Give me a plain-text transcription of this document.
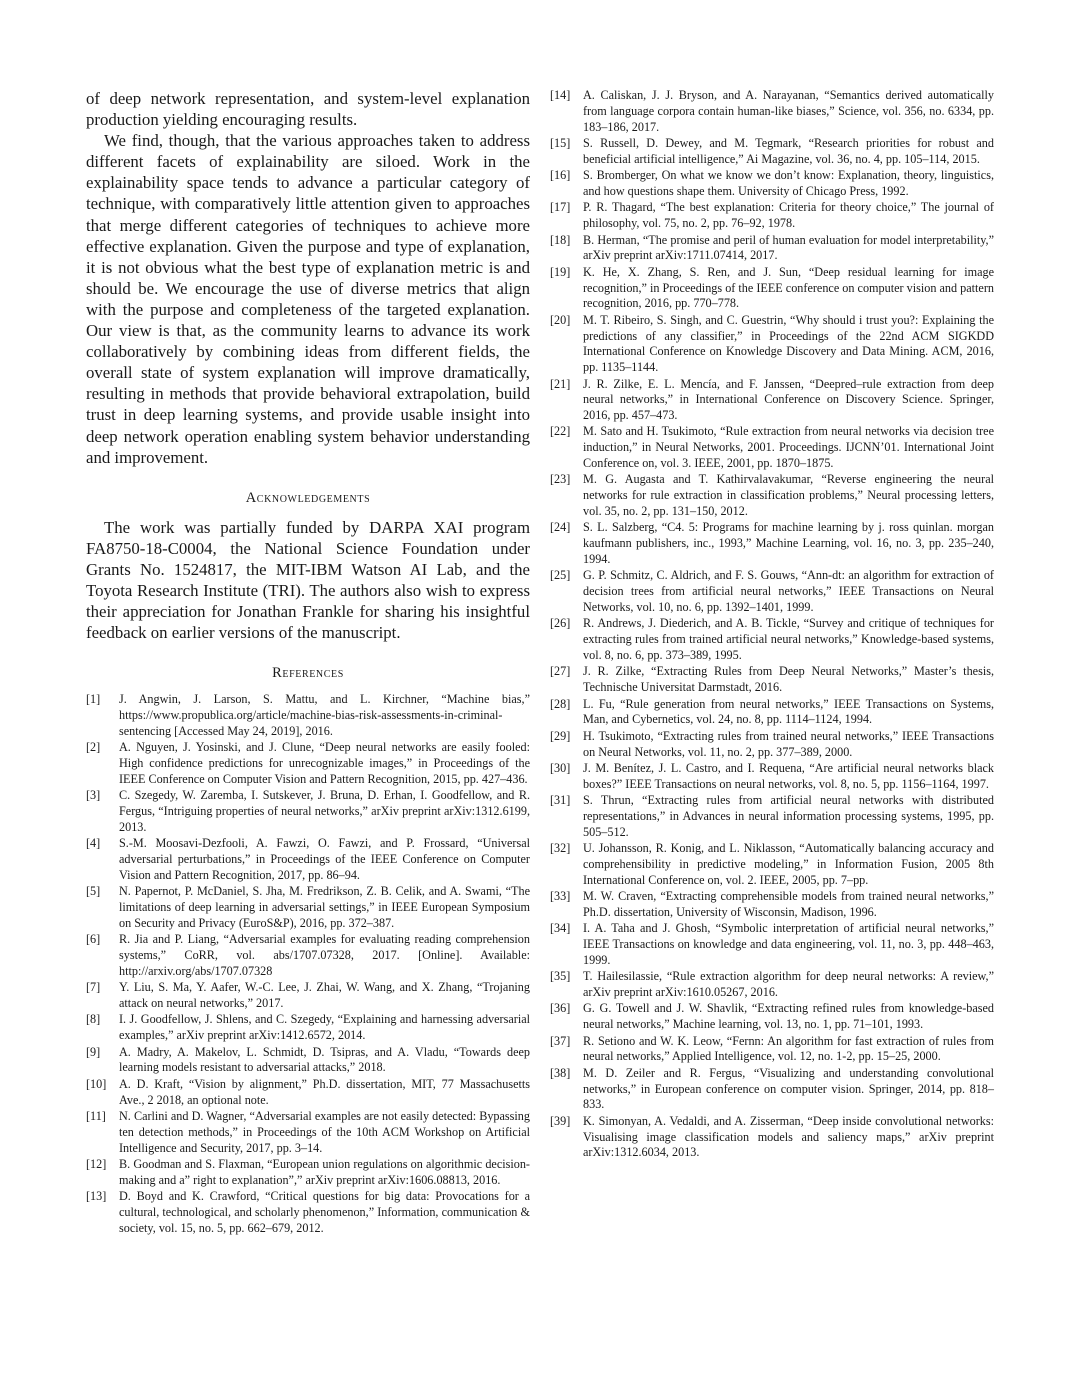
of deep network representation, and system-level explanation production yielding encouraging results.

We find, though, that the various approaches taken to address different facets of explainability are siloed. Work in the explainability space tends to advance a particular category of technique, with comparatively little attention given to approaches that merge different categories of techniques to achieve more effective explanation. Given the purpose and type of explanation, it is not obvious what the best type of explanation metric is and should be. We encourage the use of diverse metrics that align with the purpose and completeness of the targeted explanation. Our view is that, as the community learns to advance its work collaboratively by combining ideas from different fields, the overall state of system explanation will improve dramatically, resulting in methods that provide behavioral extrapolation, build trust in deep learning systems, and provide usable insight into deep network operation enabling system behavior understanding and improvement.

Acknowledgements

The work was partially funded by DARPA XAI program FA8750-18-C0004, the National Science Foundation under Grants No. 1524817, the MIT-IBM Watson AI Lab, and the Toyota Research Institute (TRI). The authors also wish to express their appreciation for Jonathan Frankle for sharing his insightful feedback on earlier versions of the manuscript.

References
[1] J. Angwin, J. Larson, S. Mattu, and L. Kirchner, “Machine bias,” https://www.propublica.org/article/machine-bias-risk-assessments-in-criminal-sentencing [Accessed May 24, 2019], 2016.
[2] A. Nguyen, J. Yosinski, and J. Clune, “Deep neural networks are easily fooled: High confidence predictions for unrecognizable images,” in Proceedings of the IEEE Conference on Computer Vision and Pattern Recognition, 2015, pp. 427–436.
[3] C. Szegedy, W. Zaremba, I. Sutskever, J. Bruna, D. Erhan, I. Goodfellow, and R. Fergus, “Intriguing properties of neural networks,” arXiv preprint arXiv:1312.6199, 2013.
[4] S.-M. Moosavi-Dezfooli, A. Fawzi, O. Fawzi, and P. Frossard, “Universal adversarial perturbations,” in Proceedings of the IEEE Conference on Computer Vision and Pattern Recognition, 2017, pp. 86–94.
[5] N. Papernot, P. McDaniel, S. Jha, M. Fredrikson, Z. B. Celik, and A. Swami, “The limitations of deep learning in adversarial settings,” in IEEE European Symposium on Security and Privacy (EuroS&P), 2016, pp. 372–387.
[6] R. Jia and P. Liang, “Adversarial examples for evaluating reading comprehension systems,” CoRR, vol. abs/1707.07328, 2017. [Online]. Available: http://arxiv.org/abs/1707.07328
[7] Y. Liu, S. Ma, Y. Aafer, W.-C. Lee, J. Zhai, W. Wang, and X. Zhang, “Trojaning attack on neural networks,” 2017.
[8] I. J. Goodfellow, J. Shlens, and C. Szegedy, “Explaining and harnessing adversarial examples,” arXiv preprint arXiv:1412.6572, 2014.
[9] A. Madry, A. Makelov, L. Schmidt, D. Tsipras, and A. Vladu, “Towards deep learning models resistant to adversarial attacks,” 2018.
[10] A. D. Kraft, “Vision by alignment,” Ph.D. dissertation, MIT, 77 Massachusetts Ave., 2 2018, an optional note.
[11] N. Carlini and D. Wagner, “Adversarial examples are not easily detected: Bypassing ten detection methods,” in Proceedings of the 10th ACM Workshop on Artificial Intelligence and Security, 2017, pp. 3–14.
[12] B. Goodman and S. Flaxman, “European union regulations on algorithmic decision-making and a” right to explanation”,” arXiv preprint arXiv:1606.08813, 2016.
[13] D. Boyd and K. Crawford, “Critical questions for big data: Provocations for a cultural, technological, and scholarly phenomenon,” Information, communication & society, vol. 15, no. 5, pp. 662–679, 2012.
[14] A. Caliskan, J. J. Bryson, and A. Narayanan, “Semantics derived automatically from language corpora contain human-like biases,” Science, vol. 356, no. 6334, pp. 183–186, 2017.
[15] S. Russell, D. Dewey, and M. Tegmark, “Research priorities for robust and beneficial artificial intelligence,” Ai Magazine, vol. 36, no. 4, pp. 105–114, 2015.
[16] S. Bromberger, On what we know we don’t know: Explanation, theory, linguistics, and how questions shape them. University of Chicago Press, 1992.
[17] P. R. Thagard, “The best explanation: Criteria for theory choice,” The journal of philosophy, vol. 75, no. 2, pp. 76–92, 1978.
[18] B. Herman, “The promise and peril of human evaluation for model interpretability,” arXiv preprint arXiv:1711.07414, 2017.
[19] K. He, X. Zhang, S. Ren, and J. Sun, “Deep residual learning for image recognition,” in Proceedings of the IEEE conference on computer vision and pattern recognition, 2016, pp. 770–778.
[20] M. T. Ribeiro, S. Singh, and C. Guestrin, “Why should i trust you?: Explaining the predictions of any classifier,” in Proceedings of the 22nd ACM SIGKDD International Conference on Knowledge Discovery and Data Mining. ACM, 2016, pp. 1135–1144.
[21] J. R. Zilke, E. L. Mencía, and F. Janssen, “Deepred–rule extraction from deep neural networks,” in International Conference on Discovery Science. Springer, 2016, pp. 457–473.
[22] M. Sato and H. Tsukimoto, “Rule extraction from neural networks via decision tree induction,” in Neural Networks, 2001. Proceedings. IJCNN’01. International Joint Conference on, vol. 3. IEEE, 2001, pp. 1870–1875.
[23] M. G. Augasta and T. Kathirvalavakumar, “Reverse engineering the neural networks for rule extraction in classification problems,” Neural processing letters, vol. 35, no. 2, pp. 131–150, 2012.
[24] S. L. Salzberg, “C4. 5: Programs for machine learning by j. ross quinlan. morgan kaufmann publishers, inc., 1993,” Machine Learning, vol. 16, no. 3, pp. 235–240, 1994.
[25] G. P. Schmitz, C. Aldrich, and F. S. Gouws, “Ann-dt: an algorithm for extraction of decision trees from artificial neural networks,” IEEE Transactions on Neural Networks, vol. 10, no. 6, pp. 1392–1401, 1999.
[26] R. Andrews, J. Diederich, and A. B. Tickle, “Survey and critique of techniques for extracting rules from trained artificial neural networks,” Knowledge-based systems, vol. 8, no. 6, pp. 373–389, 1995.
[27] J. R. Zilke, “Extracting Rules from Deep Neural Networks,” Master’s thesis, Technische Universitat Darmstadt, 2016.
[28] L. Fu, “Rule generation from neural networks,” IEEE Transactions on Systems, Man, and Cybernetics, vol. 24, no. 8, pp. 1114–1124, 1994.
[29] H. Tsukimoto, “Extracting rules from trained neural networks,” IEEE Transactions on Neural Networks, vol. 11, no. 2, pp. 377–389, 2000.
[30] J. M. Benítez, J. L. Castro, and I. Requena, “Are artificial neural networks black boxes?” IEEE Transactions on neural networks, vol. 8, no. 5, pp. 1156–1164, 1997.
[31] S. Thrun, “Extracting rules from artificial neural networks with distributed representations,” in Advances in neural information processing systems, 1995, pp. 505–512.
[32] U. Johansson, R. Konig, and L. Niklasson, “Automatically balancing accuracy and comprehensibility in predictive modeling,” in Information Fusion, 2005 8th International Conference on, vol. 2. IEEE, 2005, pp. 7–pp.
[33] M. W. Craven, “Extracting comprehensible models from trained neural networks,” Ph.D. dissertation, University of Wisconsin, Madison, 1996.
[34] I. A. Taha and J. Ghosh, “Symbolic interpretation of artificial neural networks,” IEEE Transactions on knowledge and data engineering, vol. 11, no. 3, pp. 448–463, 1999.
[35] T. Hailesilassie, “Rule extraction algorithm for deep neural networks: A review,” arXiv preprint arXiv:1610.05267, 2016.
[36] G. G. Towell and J. W. Shavlik, “Extracting refined rules from knowledge-based neural networks,” Machine learning, vol. 13, no. 1, pp. 71–101, 1993.
[37] R. Setiono and W. K. Leow, “Fernn: An algorithm for fast extraction of rules from neural networks,” Applied Intelligence, vol. 12, no. 1-2, pp. 15–25, 2000.
[38] M. D. Zeiler and R. Fergus, “Visualizing and understanding convolutional networks,” in European conference on computer vision. Springer, 2014, pp. 818–833.
[39] K. Simonyan, A. Vedaldi, and A. Zisserman, “Deep inside convolutional networks: Visualising image classification models and saliency maps,” arXiv preprint arXiv:1312.6034, 2013.
